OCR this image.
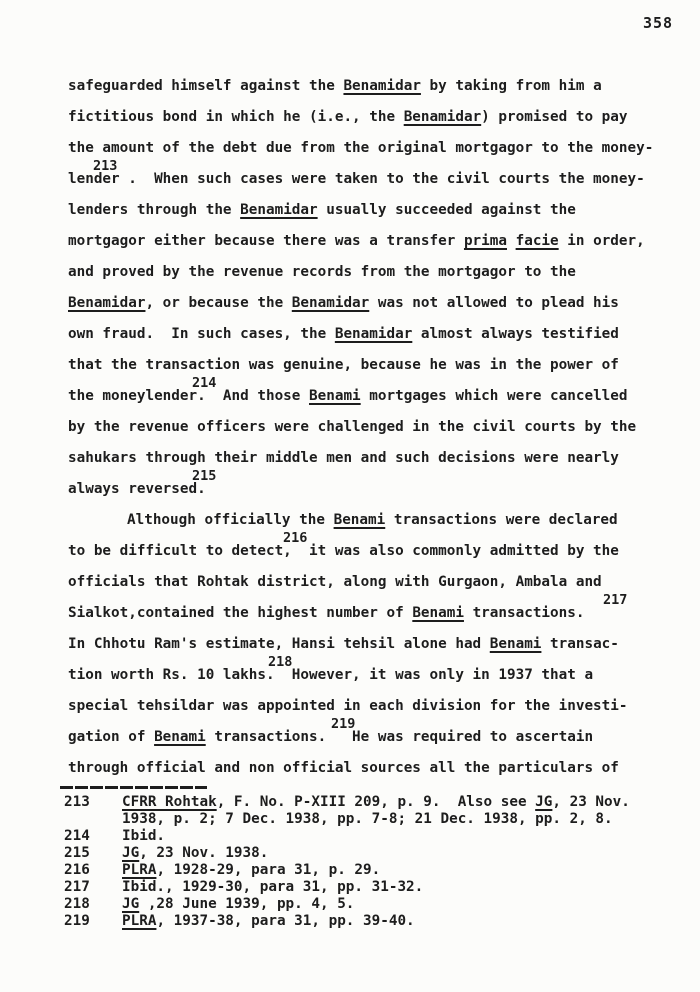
358
safeguarded himself against the Benamidar by taking from him a
fictitious bond in which he (i.e., the Benamidar) promised to pay
the amount of the debt due from the original mortgagor to the money-
213
lender .  When such cases were taken to the civil courts the money-
lenders through the Benamidar usually succeeded against the
mortgagor either because there was a transfer prima facie in order,
and proved by the revenue records from the mortgagor to the
Benamidar, or because the Benamidar was not allowed to plead his
own fraud.  In such cases, the Benamidar almost always testified
that the transaction was genuine, because he was in the power of
214
the moneylender.  And those Benami mortgages which were cancelled
by the revenue officers were challenged in the civil courts by the
sahukars through their middle men and such decisions were nearly
215
always reversed.
Although officially the Benami transactions were declared
216
to be difficult to detect,  it was also commonly admitted by the
officials that Rohtak district, along with Gurgaon, Ambala and
217
Sialkot,contained the highest number of Benami transactions.
In Chhotu Ram's estimate, Hansi tehsil alone had Benami transac-
218
tion worth Rs. 10 lakhs.  However, it was only in 1937 that a
special tehsildar was appointed in each division for the investi-
219
gation of Benami transactions.   He was required to ascertain
through official and non official sources all the particulars of
213	CFRR Rohtak, F. No. P-XIII 209, p. 9.  Also see JG, 23 Nov.
1938, p. 2; 7 Dec. 1938, pp. 7-8; 21 Dec. 1938, pp. 2, 8.
214	Ibid.
215	JG, 23 Nov. 1938.
216	PLRA, 1928-29, para 31, p. 29.
217	Ibid., 1929-30, para 31, pp. 31-32.
218	JG ,28 June 1939, pp. 4, 5.
219	PLRA, 1937-38, para 31, pp. 39-40.
